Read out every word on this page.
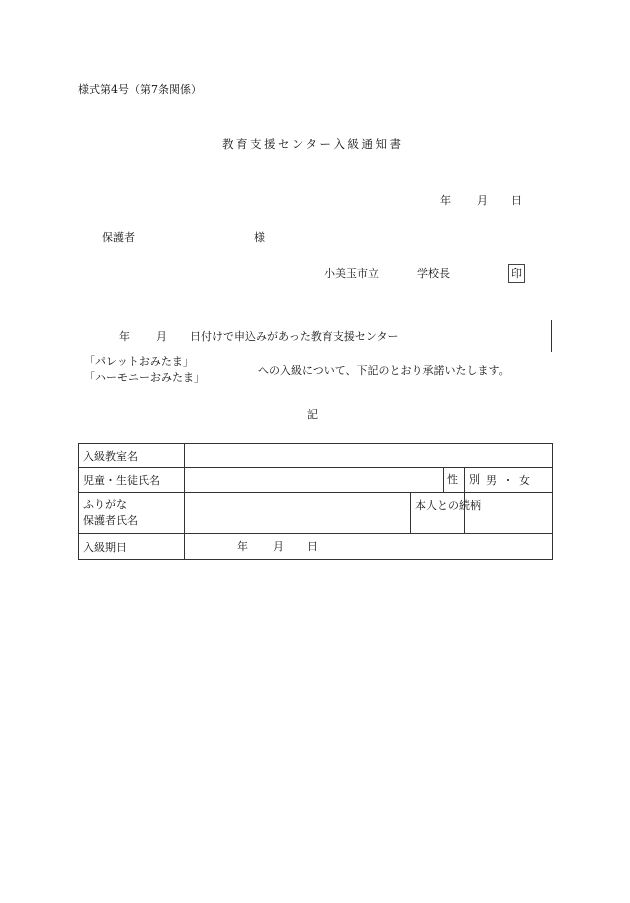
様式第4号（第7条関係）
教育支援センター入級通知書
年 月 日
保護者	様
小美玉市立	学校長	印
年 月 日付けで申込みがあった教育支援センター
「パレットおみたま」
「ハーモニーおみたま」
への入級について、下記のとおり承諾いたします。
記
入級教室名				
児童・生徒氏名			性　別	男 ・ 女

ふりがな
保護者氏名		本人との続柄		
入級期日	年 月 日			
